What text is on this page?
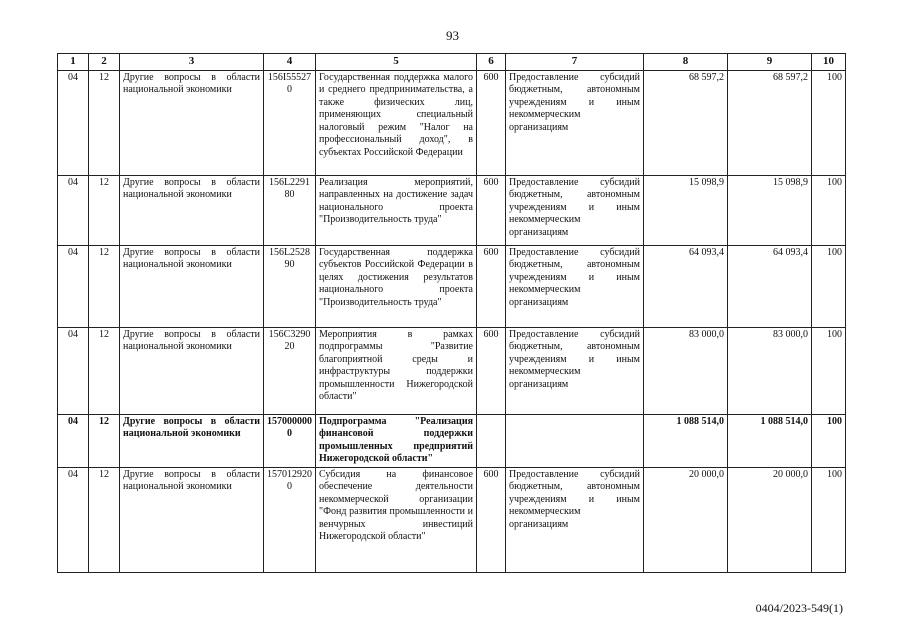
93
1	2	3	4	5	6	7	8	9	10
04	12	Другие вопросы в области национальной экономики	156I555270	Государственная поддержка малого и среднего предпринимательства, а также физических лиц, применяющих специальный налоговый режим "Налог на профессиональный доход", в субъектах Российской Федерации	600	Предоставление субсидий бюджетным, автономным учреждениям и иным некоммерческим организациям	68 597,2	68 597,2	100
04	12	Другие вопросы в области национальной экономики	156L229180	Реализация мероприятий, направленных на достижение задач национального проекта "Производительность труда"	600	Предоставление субсидий бюджетным, автономным учреждениям и иным некоммерческим организациям	15 098,9	15 098,9	100
04	12	Другие вопросы в области национальной экономики	156L252890	Государственная поддержка субъектов Российской Федерации в целях достижения результатов национального проекта "Производительность труда"	600	Предоставление субсидий бюджетным, автономным учреждениям и иным некоммерческим организациям	64 093,4	64 093,4	100
04	12	Другие вопросы в области национальной экономики	156C329020	Мероприятия в рамках подпрограммы "Развитие благоприятной среды и инфраструктуры поддержки промышленности Нижегородской области"	600	Предоставление субсидий бюджетным, автономным учреждениям и иным некоммерческим организациям	83 000,0	83 000,0	100
04	12	Другие вопросы в области национальной экономики	1570000000	Подпрограмма "Реализация финансовой поддержки промышленных предприятий Нижегородской области"			1 088 514,0	1 088 514,0	100
04	12	Другие вопросы в области национальной экономики	1570129200	Субсидия на финансовое обеспечение деятельности некоммерческой организации "Фонд развития промышленности и венчурных инвестиций Нижегородской области"	600	Предоставление субсидий бюджетным, автономным учреждениям и иным некоммерческим организациям	20 000,0	20 000,0	100
0404/2023-549(1)
